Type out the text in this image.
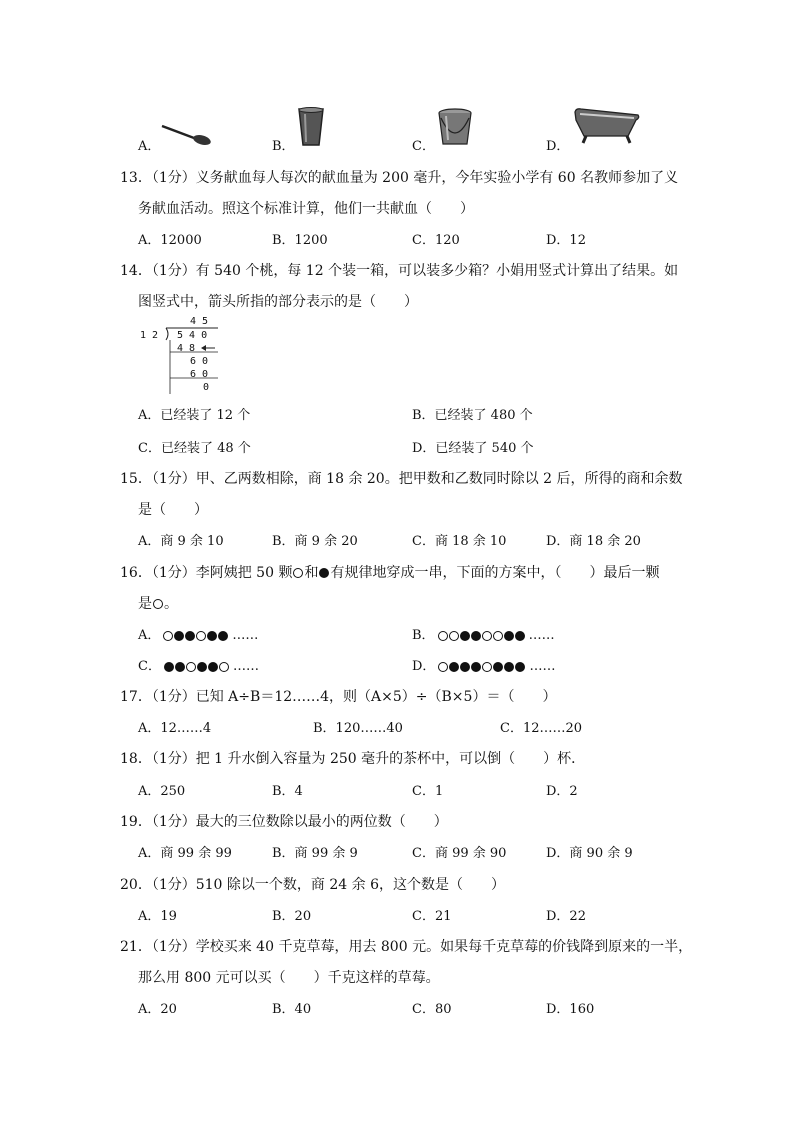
A．	B．	C．	D．
13．（1分）义务献血每人每次的献血量为 200 毫升，今年实验小学有 60 名教师参加了义
务献血活动。照这个标准计算，他们一共献血（　　）
A．12000	B．1200	C．120	D．12
14．（1分）有 540 个桃，每 12 个装一箱，可以装多少箱？小娟用竖式计算出了结果。如
图竖式中，箭头所指的部分表示的是（　　）
1 2
4 5
5 4 0
4 8
6 0
6 0
0
A．已经装了 12 个	B．已经装了 480 个
C．已经装了 48 个	D．已经装了 540 个
15．（1分）甲、乙两数相除，商 18 余 20。把甲数和乙数同时除以 2 后，所得的商和余数
是（　　）
A．商 9 余 10	B．商 9 余 20	C．商 18 余 10	D．商 18 余 20
16．（1分）李阿姨把 50 颗 和 有规律地穿成一串，下面的方案中，（　　）最后一颗
是 。
A．	……	B．	……
C．	……	D．	……
17．（1分）已知 A÷B＝12……4，则（A×5）÷（B×5）＝（　　）
A．12……4	B．120……40	C．12……20
18．（1分）把 1 升水倒入容量为 250 毫升的茶杯中，可以倒（　　）杯．
A．250	B．4	C．1	D．2
19．（1分）最大的三位数除以最小的两位数（　　）
A．商 99 余 99	B．商 99 余 9	C．商 99 余 90	D．商 90 余 9
20．（1分）510 除以一个数，商 24 余 6，这个数是（　　）
A．19	B．20	C．21	D．22
21．（1分）学校买来 40 千克草莓，用去 800 元。如果每千克草莓的价钱降到原来的一半，
那么用 800 元可以买（　　）千克这样的草莓。
A．20	B．40	C．80	D．160
